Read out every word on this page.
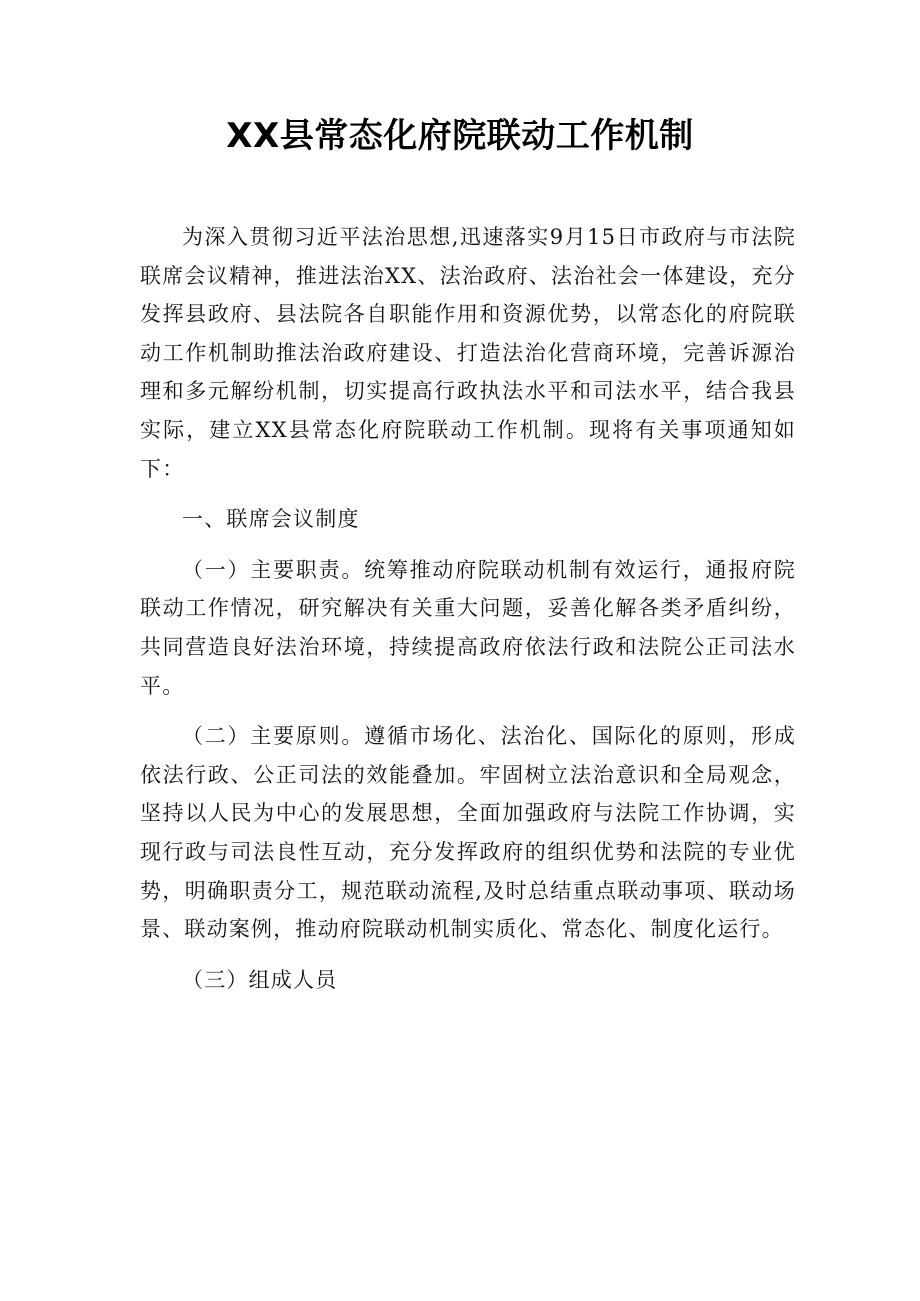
XX县常态化府院联动工作机制

为深入贯彻习近平法治思想,迅速落实9月15日市政府与市法院联席会议精神，推进法治XX、法治政府、法治社会一体建设，充分发挥县政府、县法院各自职能作用和资源优势，以常态化的府院联动工作机制助推法治政府建设、打造法治化营商环境，完善诉源治理和多元解纷机制，切实提高行政执法水平和司法水平，结合我县实际，建立XX县常态化府院联动工作机制。现将有关事项通知如下：

一、联席会议制度

（一）主要职责。统筹推动府院联动机制有效运行，通报府院联动工作情况，研究解决有关重大问题，妥善化解各类矛盾纠纷，共同营造良好法治环境，持续提高政府依法行政和法院公正司法水平。

（二）主要原则。遵循市场化、法治化、国际化的原则，形成依法行政、公正司法的效能叠加。牢固树立法治意识和全局观念，坚持以人民为中心的发展思想，全面加强政府与法院工作协调，实现行政与司法良性互动，充分发挥政府的组织优势和法院的专业优势，明确职责分工，规范联动流程,及时总结重点联动事项、联动场景、联动案例，推动府院联动机制实质化、常态化、制度化运行。

（三）组成人员
